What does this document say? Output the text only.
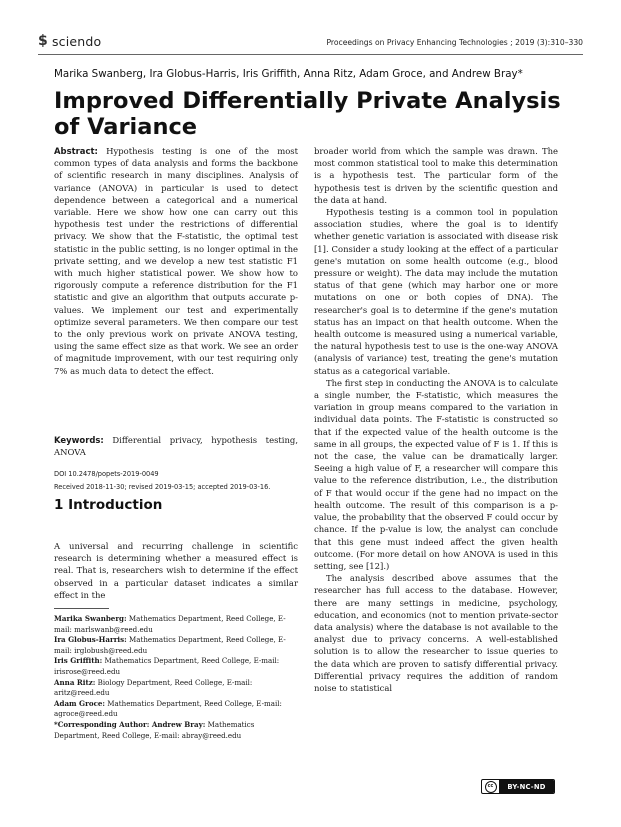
$ sciendo	Proceedings on Privacy Enhancing Technologies ; 2019 (3):310–330
Marika Swanberg, Ira Globus-Harris, Iris Griffith, Anna Ritz, Adam Groce, and Andrew Bray*
Improved Differentially Private Analysis of Variance

Abstract: Hypothesis testing is one of the most common types of data analysis and forms the backbone of scientific research in many disciplines. Analysis of variance (ANOVA) in particular is used to detect dependence between a categorical and a numerical variable. Here we show how one can carry out this hypothesis test under the restrictions of differential privacy. We show that the F-statistic, the optimal test statistic in the public setting, is no longer optimal in the private setting, and we develop a new test statistic F1 with much higher statistical power. We show how to rigorously compute a reference distribution for the F1 statistic and give an algorithm that outputs accurate p-values. We implement our test and experimentally optimize several parameters. We then compare our test to the only previous work on private ANOVA testing, using the same effect size as that work. We see an order of magnitude improvement, with our test requiring only 7% as much data to detect the effect.

Keywords: Differential privacy, hypothesis testing, ANOVA
DOI 10.2478/popets-2019-0049
Received 2018-11-30; revised 2019-03-15; accepted 2019-03-16.
1 Introduction

A universal and recurring challenge in scientific research is determining whether a measured effect is real. That is, researchers wish to determine if the effect observed in a particular dataset indicates a similar effect in the

Marika Swanberg: Mathematics Department, Reed College, E-mail: marlswanb@reed.edu
Ira Globus-Harris: Mathematics Department, Reed College, E-mail: irglobush@reed.edu
Iris Griffith: Mathematics Department, Reed College, E-mail: irisrose@reed.edu
Anna Ritz: Biology Department, Reed College, E-mail: aritz@reed.edu
Adam Groce: Mathematics Department, Reed College, E-mail: agroce@reed.edu
*Corresponding Author: Andrew Bray: Mathematics Department, Reed College, E-mail: abray@reed.edu

broader world from which the sample was drawn. The most common statistical tool to make this determination is a hypothesis test. The particular form of the hypothesis test is driven by the scientific question and the data at hand.

Hypothesis testing is a common tool in population association studies, where the goal is to identify whether genetic variation is associated with disease risk [1]. Consider a study looking at the effect of a particular gene's mutation on some health outcome (e.g., blood pressure or weight). The data may include the mutation status of that gene (which may harbor one or more mutations on one or both copies of DNA). The researcher's goal is to determine if the gene's mutation status has an impact on that health outcome. When the health outcome is measured using a numerical variable, the natural hypothesis test to use is the one-way ANOVA (analysis of variance) test, treating the gene's mutation status as a categorical variable.

The first step in conducting the ANOVA is to calculate a single number, the F-statistic, which measures the variation in group means compared to the variation in individual data points. The F-statistic is constructed so that if the expected value of the health outcome is the same in all groups, the expected value of F is 1. If this is not the case, the value can be dramatically larger. Seeing a high value of F, a researcher will compare this value to the reference distribution, i.e., the distribution of F that would occur if the gene had no impact on the health outcome. The result of this comparison is a p-value, the probability that the observed F could occur by chance. If the p-value is low, the analyst can conclude that this gene must indeed affect the given health outcome. (For more detail on how ANOVA is used in this setting, see [12].)

The analysis described above assumes that the researcher has full access to the database. However, there are many settings in medicine, psychology, education, and economics (not to mention private-sector data analysis) where the database is not available to the analyst due to privacy concerns. A well-established solution is to allow the researcher to issue queries to the data which are proven to satisfy differential privacy. Differential privacy requires the addition of random noise to statistical

cc	BY-NC-ND
